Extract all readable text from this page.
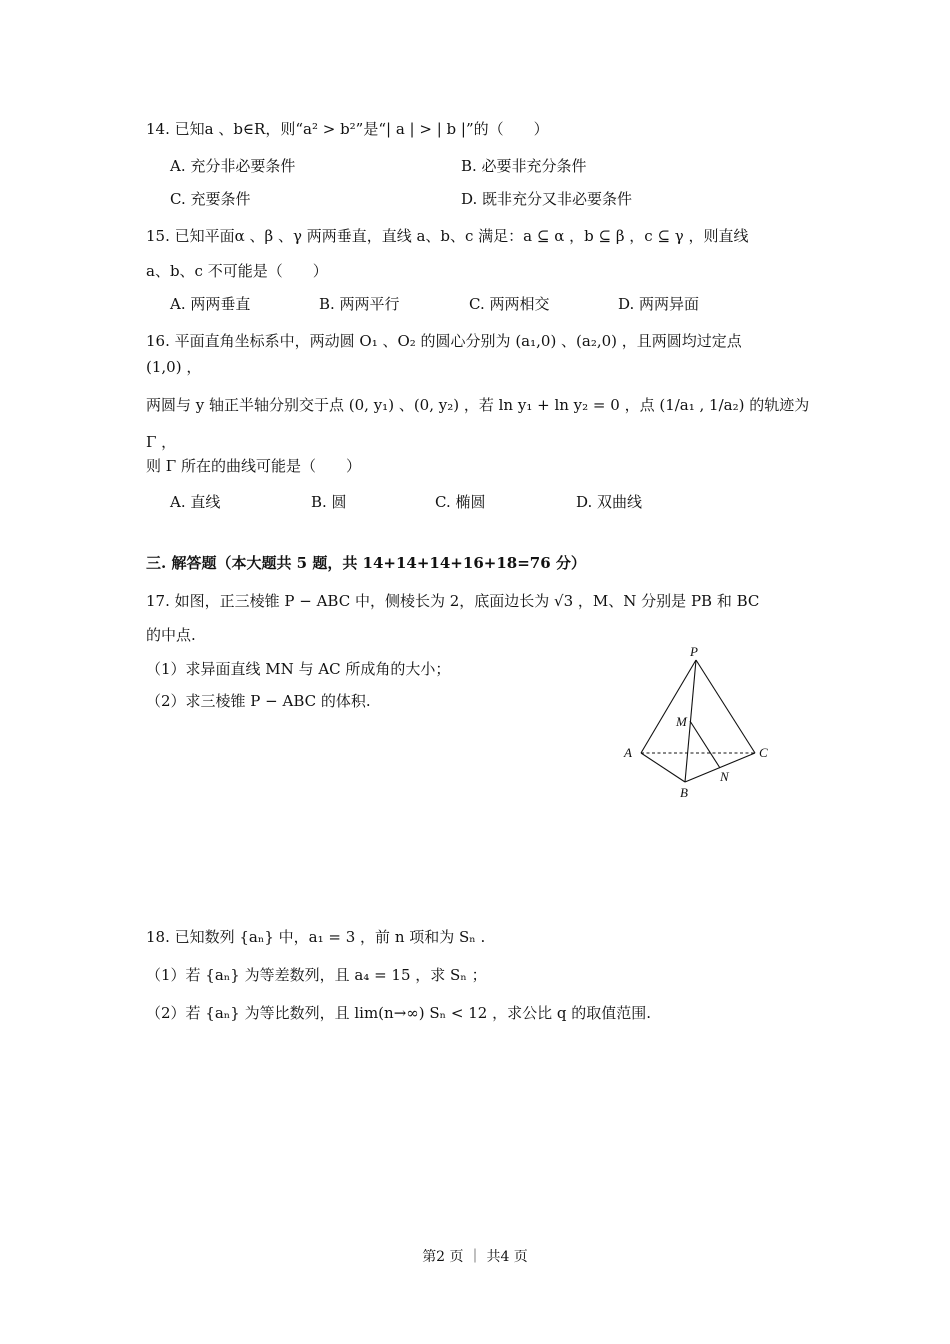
14. 已知a 、b∈R，则“a² > b²”是“| a | > | b |”的（　　）
A. 充分非必要条件	B. 必要非充分条件
C. 充要条件	D. 既非充分又非必要条件
15. 已知平面α 、β 、γ 两两垂直，直线 a、b、c 满足：a ⊆ α ，b ⊆ β ，c ⊆ γ ，则直线
a、b、c 不可能是（　　）
A. 两两垂直	B. 两两平行	C. 两两相交	D. 两两异面
16. 平面直角坐标系中，两动圆 O₁ 、O₂ 的圆心分别为 (a₁,0) 、(a₂,0) ，且两圆均过定点
(1,0) ，
两圆与 y 轴正半轴分别交于点 (0, y₁) 、(0, y₂) ，若 ln y₁ + ln y₂ = 0 ，点 (1/a₁ , 1/a₂) 的轨迹为
Γ ，
则 Γ 所在的曲线可能是（　　）
A. 直线	B. 圆	C. 椭圆	D. 双曲线
三. 解答题（本大题共 5 题，共 14+14+14+16+18=76 分）
17. 如图，正三棱锥 P − ABC 中，侧棱长为 2，底面边长为 √3 ，M、N 分别是 PB 和 BC
的中点.
（1）求异面直线 MN 与 AC 所成角的大小；
（2）求三棱锥 P − ABC 的体积.
P
M
A	C
N
B
18. 已知数列 {aₙ} 中，a₁ = 3 ，前 n 项和为 Sₙ .
（1）若 {aₙ} 为等差数列，且 a₄ = 15 ，求 Sₙ ；
（2）若 {aₙ} 为等比数列，且 lim(n→∞) Sₙ < 12 ，求公比 q 的取值范围.
第2 页 ｜ 共4 页
